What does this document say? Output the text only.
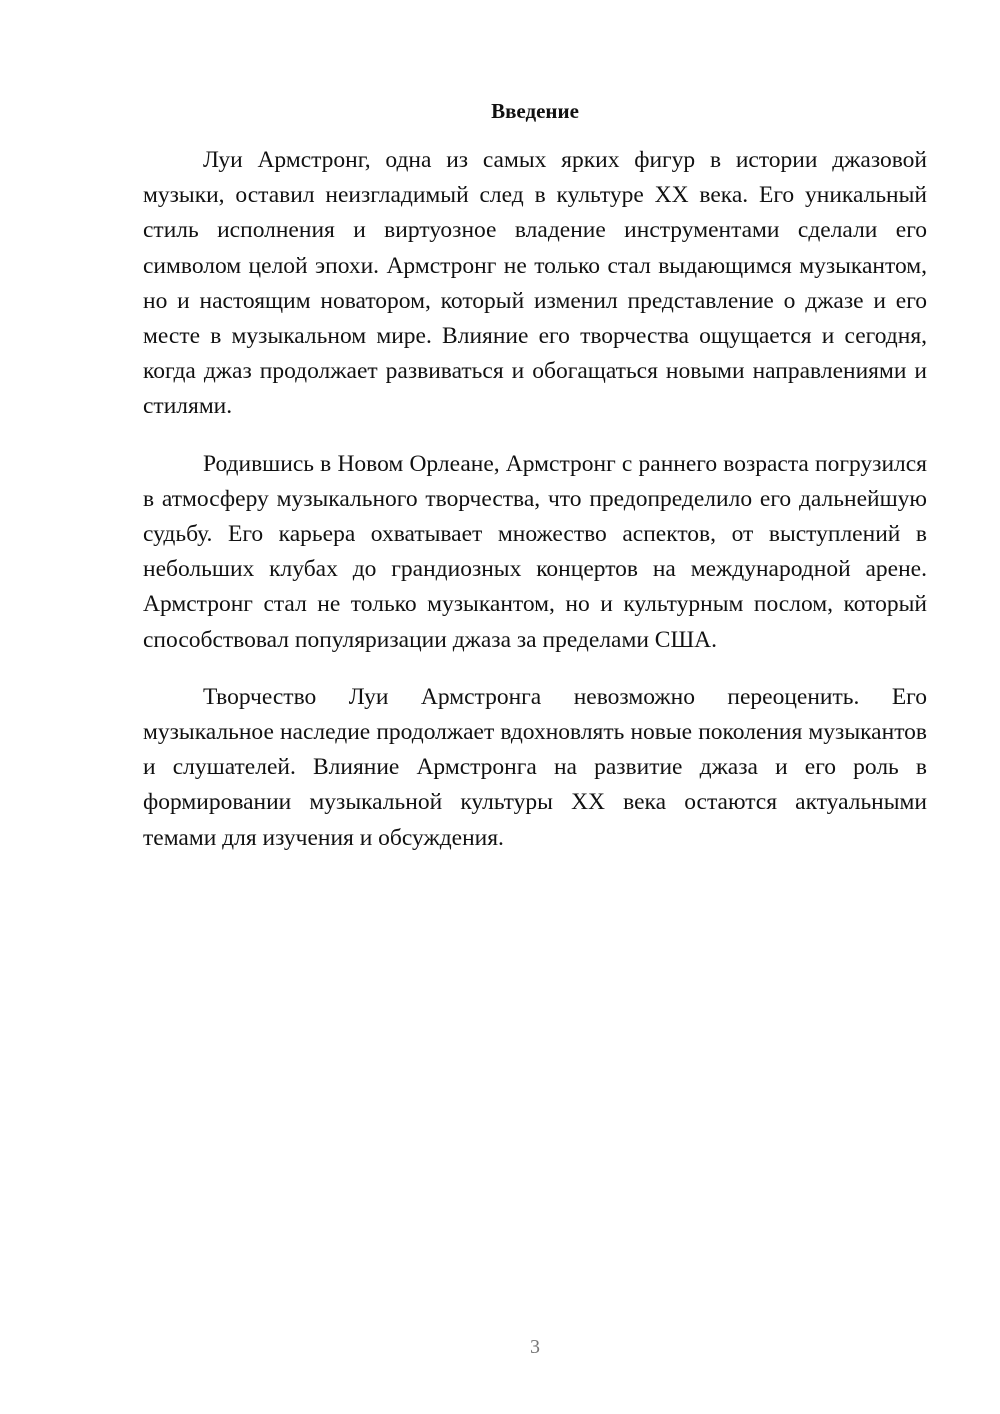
Введение

Луи Армстронг, одна из самых ярких фигур в истории джазовой музыки, оставил неизгладимый след в культуре XX века. Его уникальный стиль исполнения и виртуозное владение инструментами сделали его символом целой эпохи. Армстронг не только стал выдающимся музыкантом, но и настоящим новатором, который изменил представление о джазе и его месте в музыкальном мире. Влияние его творчества ощущается и сегодня, когда джаз продолжает развиваться и обогащаться новыми направлениями и стилями.

Родившись в Новом Орлеане, Армстронг с раннего возраста погрузился в атмосферу музыкального творчества, что предопределило его дальнейшую судьбу. Его карьера охватывает множество аспектов, от выступлений в небольших клубах до грандиозных концертов на международной арене. Армстронг стал не только музыкантом, но и культурным послом, который способствовал популяризации джаза за пределами США.

Творчество Луи Армстронга невозможно переоценить. Его музыкальное наследие продолжает вдохновлять новые поколения музыкантов и слушателей. Влияние Армстронга на развитие джаза и его роль в формировании музыкальной культуры XX века остаются актуальными темами для изучения и обсуждения.

3
